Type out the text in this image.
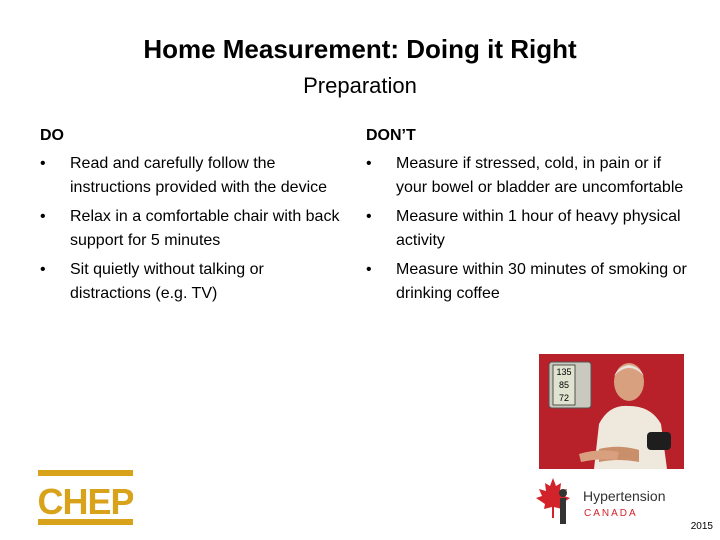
Home Measurement: Doing it Right
Preparation
DO
• Read and carefully follow the instructions provided with the device
• Relax in a comfortable chair with back support for 5 minutes
• Sit quietly without talking or distractions (e.g. TV)
DON’T
• Measure if stressed, cold, in pain or if your bowel or bladder are uncomfortable
• Measure within 1 hour of heavy physical activity
• Measure within 30 minutes of smoking or drinking coffee
135
85
72
CHEP	Hypertension
CANADA
2015
